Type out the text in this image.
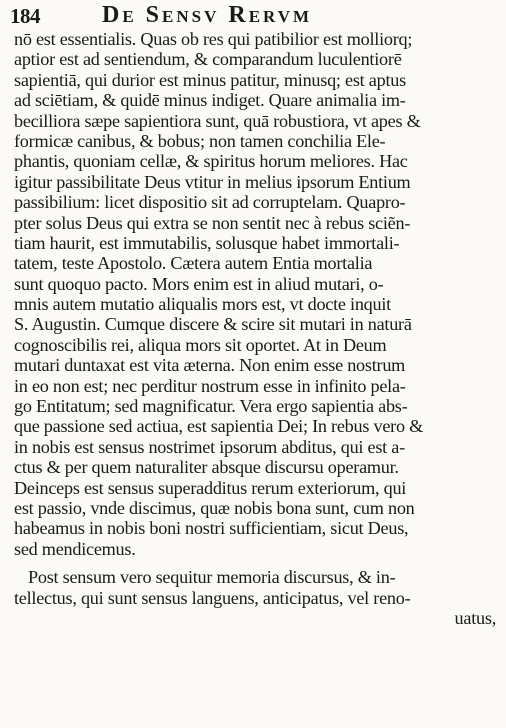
184	De Sensv Rervm
nō est essentialis. Quas ob res qui patibilior est molliorq;
aptior est ad sentiendum, & comparandum luculentiorē
sapientiā, qui durior est minus patitur, minusq; est aptus
ad sciētiam, & quidē minus indiget. Quare animalia im-
becilliora sæpe sapientiora sunt, quā robustiora, vt apes &
formicæ canibus, & bobus; non tamen conchilia Ele-
phantis, quoniam cellæ, & spiritus horum meliores. Hac
igitur passibilitate Deus vtitur in melius ipsorum Entium
passibilium: licet dispositio sit ad corruptelam. Quapro-
pter solus Deus qui extra se non sentit nec à rebus sciẽn-
tiam haurit, est immutabilis, solusque habet immortali-
tatem, teste Apostolo. Cætera autem Entia mortalia
sunt quoquo pacto. Mors enim est in aliud mutari, o-
mnis autem mutatio aliqualis mors est, vt docte inquit
S. Augustin. Cumque discere & scire sit mutari in naturā
cognoscibilis rei, aliqua mors sit oportet. At in Deum
mutari duntaxat est vita æterna. Non enim esse nostrum
in eo non est; nec perditur nostrum esse in infinito pela-
go Entitatum; sed magnificatur. Vera ergo sapientia abs-
que passione sed actiua, est sapientia Dei; In rebus vero &
in nobis est sensus nostrimet ipsorum abditus, qui est a-
ctus & per quem naturaliter absque discursu operamur.
Deinceps est sensus superadditus rerum exteriorum, qui
est passio, vnde discimus, quæ nobis bona sunt, cum non
habeamus in nobis boni nostri sufficientiam, sicut Deus,
sed mendicemus.
Post sensum vero sequitur memoria discursus, & in-
tellectus, qui sunt sensus languens, anticipatus, vel reno-
uatus,
